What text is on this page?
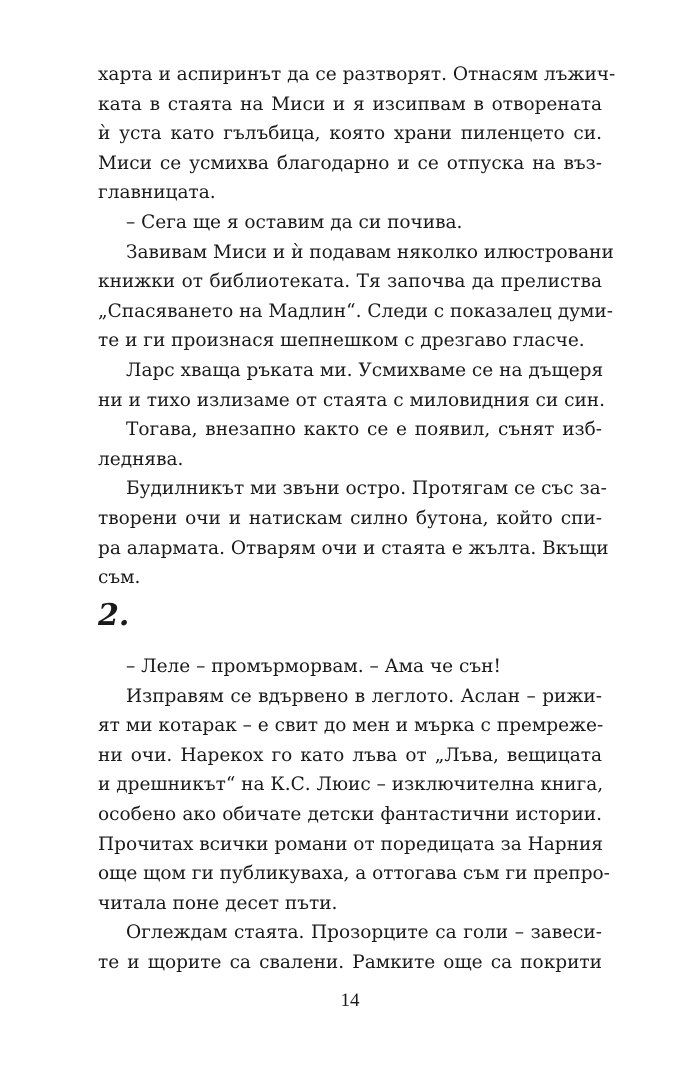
харта и аспиринът да се разтворят. Отнасям лъжич-
ката в стаята на Миси и я изсипвам в отворената
ѝ уста като гълъбица, която храни пиленцето си.
Миси се усмихва благодарно и се отпуска на въз-
главницата.
– Сега ще я оставим да си почива.
Завивам Миси и ѝ подавам няколко илюстровани
книжки от библиотеката. Тя започва да прелиства
„Спасяването на Мадлин“. Следи с показалец думи-
те и ги произнася шепнешком с дрезгаво гласче.
Ларс хваща ръката ми. Усмихваме се на дъщеря
ни и тихо излизаме от стаята с миловидния си син.
Тогава, внезапно както се е появил, сънят изб-
леднява.
Будилникът ми звъни остро. Протягам се със за-
творени очи и натискам силно бутона, който спи-
ра алармата. Отварям очи и стаята е жълта. Вкъщи
съм.
2.
– Леле – промърморвам. – Ама че сън!
Изправям се вдървено в леглото. Аслан – рижи-
ят ми котарак – е свит до мен и мърка с премреже-
ни очи. Нарекох го като лъва от „Лъва, вещицата
и дрешникът“ на К.С. Люис – изключителна книга,
особено ако обичате детски фантастични истории.
Прочитах всички романи от поредицата за Нарния
още щом ги публикуваха, а оттогава съм ги препро-
читала поне десет пъти.
Оглеждам стаята. Прозорците са голи – завеси-
те и щорите са свалени. Рамките още са покрити
14
